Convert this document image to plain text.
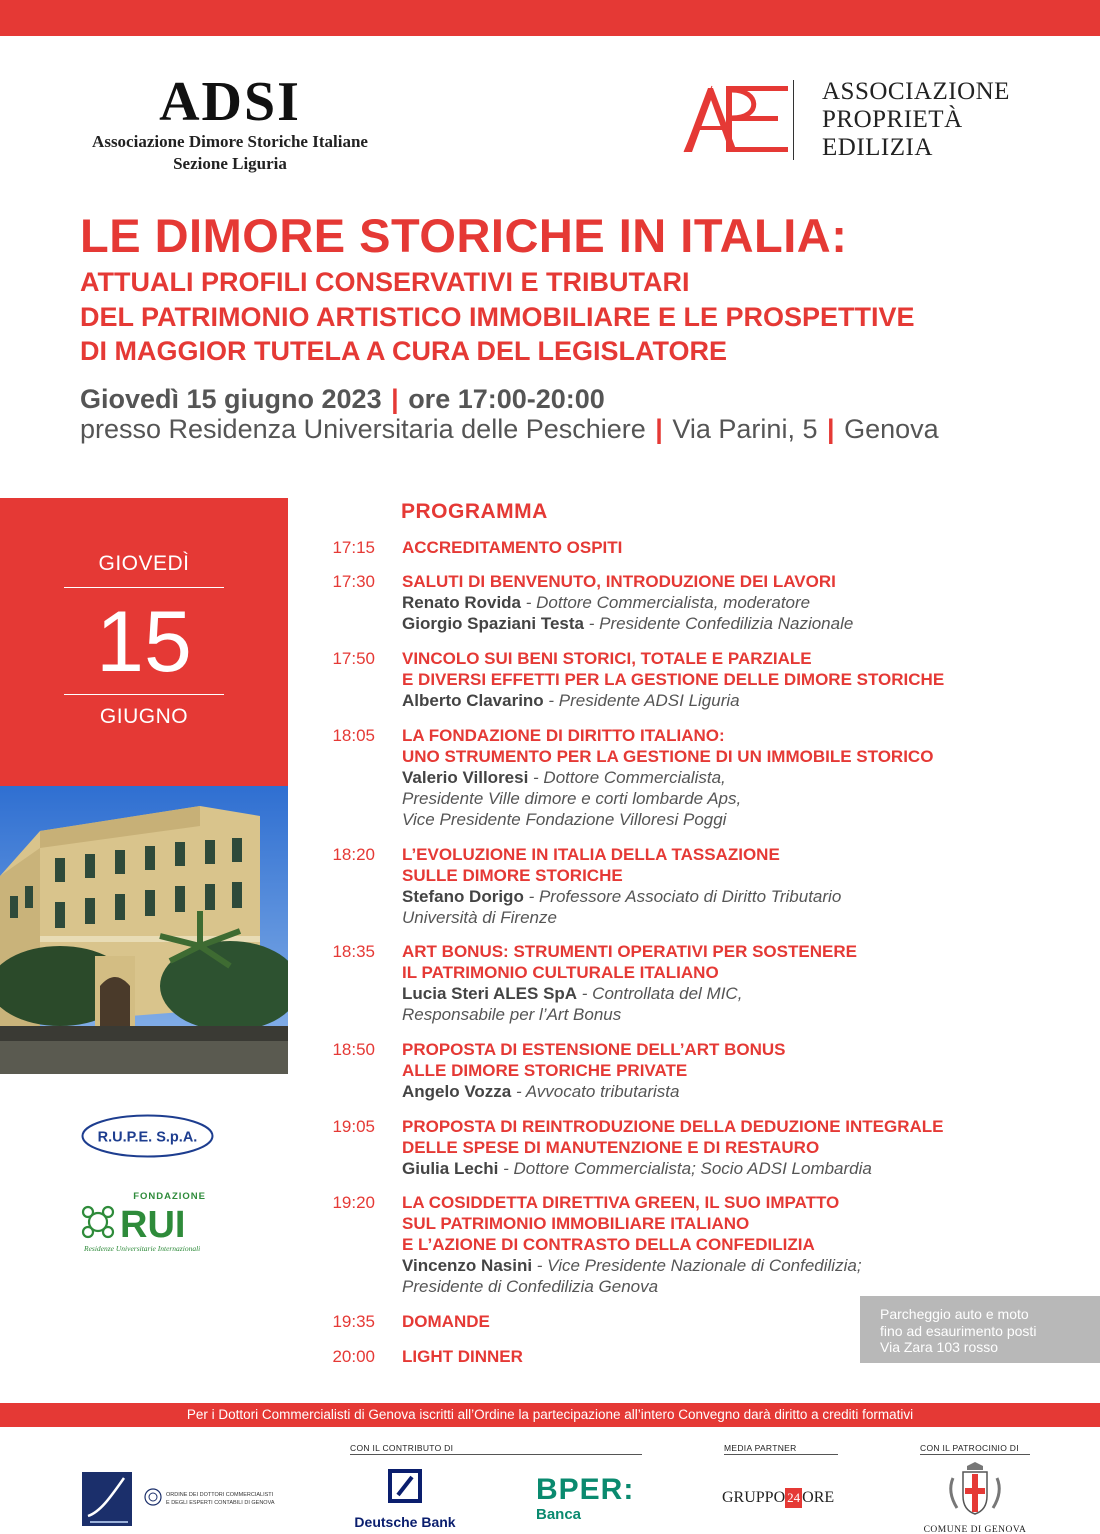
ADSI
Associazione Dimore Storiche Italiane
Sezione Liguria
ASSOCIAZIONE
PROPRIETÀ
EDILIZIA
LE DIMORE STORICHE IN ITALIA:
ATTUALI PROFILI CONSERVATIVI E TRIBUTARI
DEL PATRIMONIO ARTISTICO IMMOBILIARE E LE PROSPETTIVE
DI MAGGIOR TUTELA A CURA DEL LEGISLATORE
Giovedì 15 giugno 2023 | ore 17:00-20:00
presso Residenza Universitaria delle Peschiere | Via Parini, 5 | Genova
GIOVEDÌ
15
GIUGNO
R.U.P.E. S.p.A.
FONDAZIONE
RUI
Residenze Universitarie Internazionali
PROGRAMMA
17:15 ACCREDITAMENTO OSPITI
17:30 SALUTI DI BENVENUTO, INTRODUZIONE DEI LAVORI
Renato Rovida - Dottore Commercialista, moderatore
Giorgio Spaziani Testa - Presidente Confedilizia Nazionale
17:50 VINCOLO SUI BENI STORICI, TOTALE E PARZIALE
E DIVERSI EFFETTI PER LA GESTIONE DELLE DIMORE STORICHE
Alberto Clavarino - Presidente ADSI Liguria
18:05 LA FONDAZIONE DI DIRITTO ITALIANO:
UNO STRUMENTO PER LA GESTIONE DI UN IMMOBILE STORICO
Valerio Villoresi - Dottore Commercialista,
Presidente Ville dimore e corti lombarde Aps,
Vice Presidente Fondazione Villoresi Poggi
18:20 L’EVOLUZIONE IN ITALIA DELLA TASSAZIONE
SULLE DIMORE STORICHE
Stefano Dorigo - Professore Associato di Diritto Tributario
Università di Firenze
18:35 ART BONUS: STRUMENTI OPERATIVI PER SOSTENERE
IL PATRIMONIO CULTURALE ITALIANO
Lucia Steri ALES SpA - Controllata del MIC,
Responsabile per l’Art Bonus
18:50 PROPOSTA DI ESTENSIONE DELL’ART BONUS
ALLE DIMORE STORICHE PRIVATE
Angelo Vozza - Avvocato tributarista
19:05 PROPOSTA DI REINTRODUZIONE DELLA DEDUZIONE INTEGRALE
DELLE SPESE DI MANUTENZIONE E DI RESTAURO
Giulia Lechi - Dottore Commercialista; Socio ADSI Lombardia
19:20 LA COSIDDETTA DIRETTIVA GREEN, IL SUO IMPATTO
SUL PATRIMONIO IMMOBILIARE ITALIANO
E L’AZIONE DI CONTRASTO DELLA CONFEDILIZIA
Vincenzo Nasini - Vice Presidente Nazionale di Confedilizia;
Presidente di Confedilizia Genova
19:35 DOMANDE
20:00 LIGHT DINNER
Parcheggio auto e moto
fino ad esaurimento posti
Via Zara 103 rosso
Per i Dottori Commercialisti di Genova iscritti all’Ordine la partecipazione all’intero Convegno darà diritto a crediti formativi
CON IL CONTRIBUTO DI	MEDIA PARTNER	CON IL PATROCINIO DI
ORDINE DEI DOTTORI COMMERCIALISTI
E DEGLI ESPERTI CONTABILI DI GENOVA
Deutsche Bank
BPER:
Banca
GRUPPO 24 ORE
COMUNE DI GENOVA
